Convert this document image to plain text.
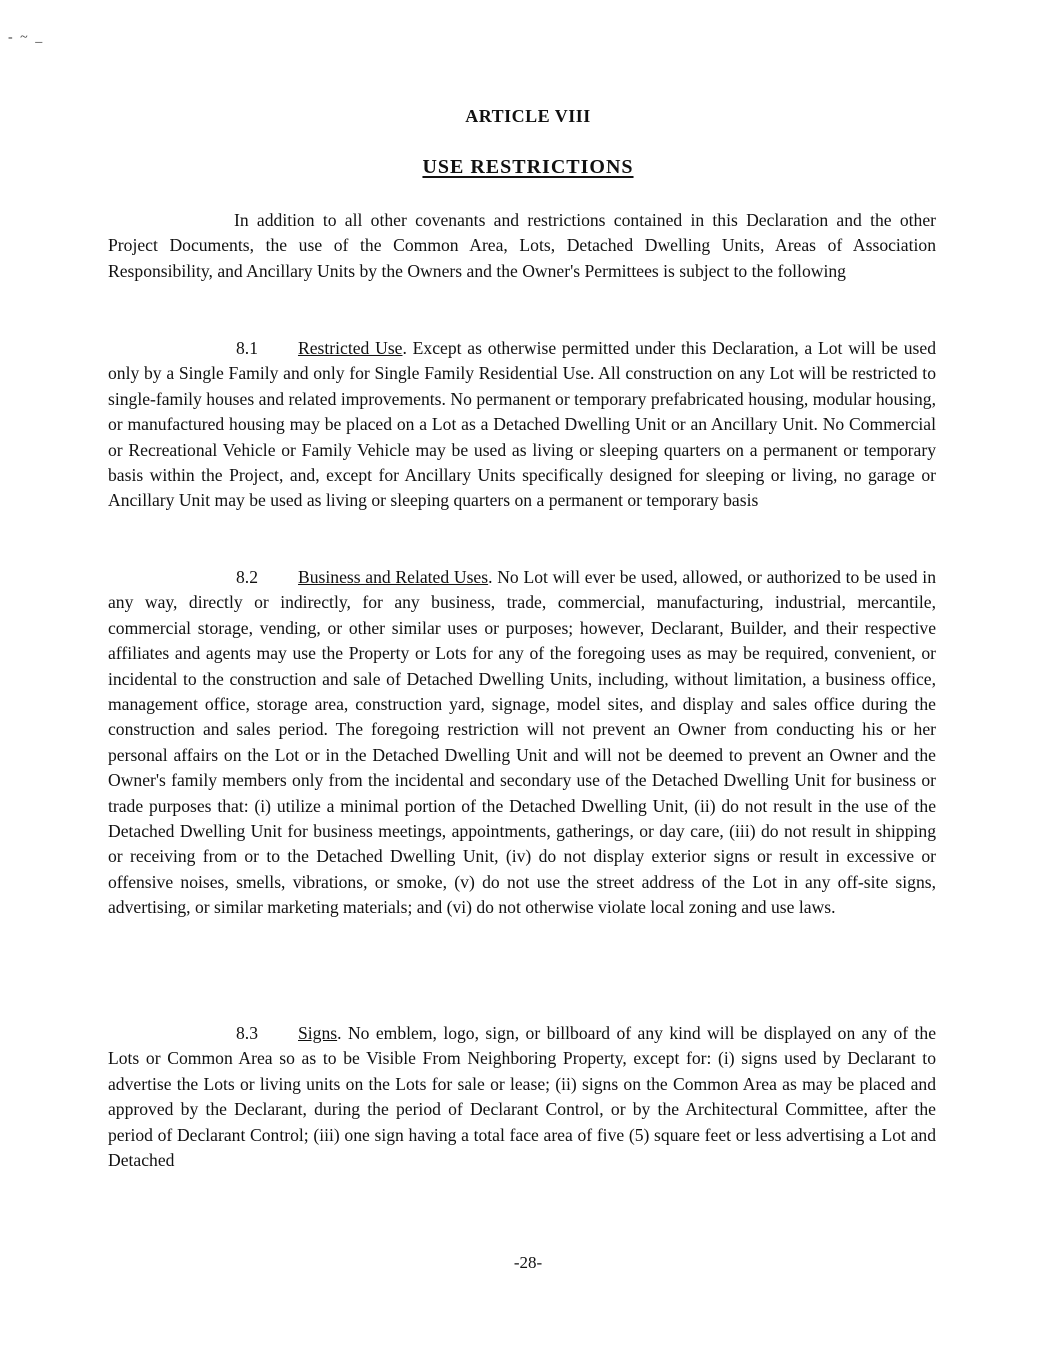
- ~ _
ARTICLE VIII
USE RESTRICTIONS

In addition to all other covenants and restrictions contained in this Declaration and the other Project Documents, the use of the Common Area, Lots, Detached Dwelling Units, Areas of Association Responsibility, and Ancillary Units by the Owners and the Owner's Permittees is subject to the following

8.1 Restricted Use. Except as otherwise permitted under this Declaration, a Lot will be used only by a Single Family and only for Single Family Residential Use. All construction on any Lot will be restricted to single-family houses and related improvements. No permanent or temporary prefabricated housing, modular housing, or manufactured housing may be placed on a Lot as a Detached Dwelling Unit or an Ancillary Unit. No Commercial or Recreational Vehicle or Family Vehicle may be used as living or sleeping quarters on a permanent or temporary basis within the Project, and, except for Ancillary Units specifically designed for sleeping or living, no garage or Ancillary Unit may be used as living or sleeping quarters on a permanent or temporary basis

8.2 Business and Related Uses. No Lot will ever be used, allowed, or authorized to be used in any way, directly or indirectly, for any business, trade, commercial, manufacturing, industrial, mercantile, commercial storage, vending, or other similar uses or purposes; however, Declarant, Builder, and their respective affiliates and agents may use the Property or Lots for any of the foregoing uses as may be required, convenient, or incidental to the construction and sale of Detached Dwelling Units, including, without limitation, a business office, management office, storage area, construction yard, signage, model sites, and display and sales office during the construction and sales period. The foregoing restriction will not prevent an Owner from conducting his or her personal affairs on the Lot or in the Detached Dwelling Unit and will not be deemed to prevent an Owner and the Owner's family members only from the incidental and secondary use of the Detached Dwelling Unit for business or trade purposes that: (i) utilize a minimal portion of the Detached Dwelling Unit, (ii) do not result in the use of the Detached Dwelling Unit for business meetings, appointments, gatherings, or day care, (iii) do not result in shipping or receiving from or to the Detached Dwelling Unit, (iv) do not display exterior signs or result in excessive or offensive noises, smells, vibrations, or smoke, (v) do not use the street address of the Lot in any off-site signs, advertising, or similar marketing materials; and (vi) do not otherwise violate local zoning and use laws.

8.3 Signs. No emblem, logo, sign, or billboard of any kind will be displayed on any of the Lots or Common Area so as to be Visible From Neighboring Property, except for: (i) signs used by Declarant to advertise the Lots or living units on the Lots for sale or lease; (ii) signs on the Common Area as may be placed and approved by the Declarant, during the period of Declarant Control, or by the Architectural Committee, after the period of Declarant Control; (iii) one sign having a total face area of five (5) square feet or less advertising a Lot and Detached

-28-
